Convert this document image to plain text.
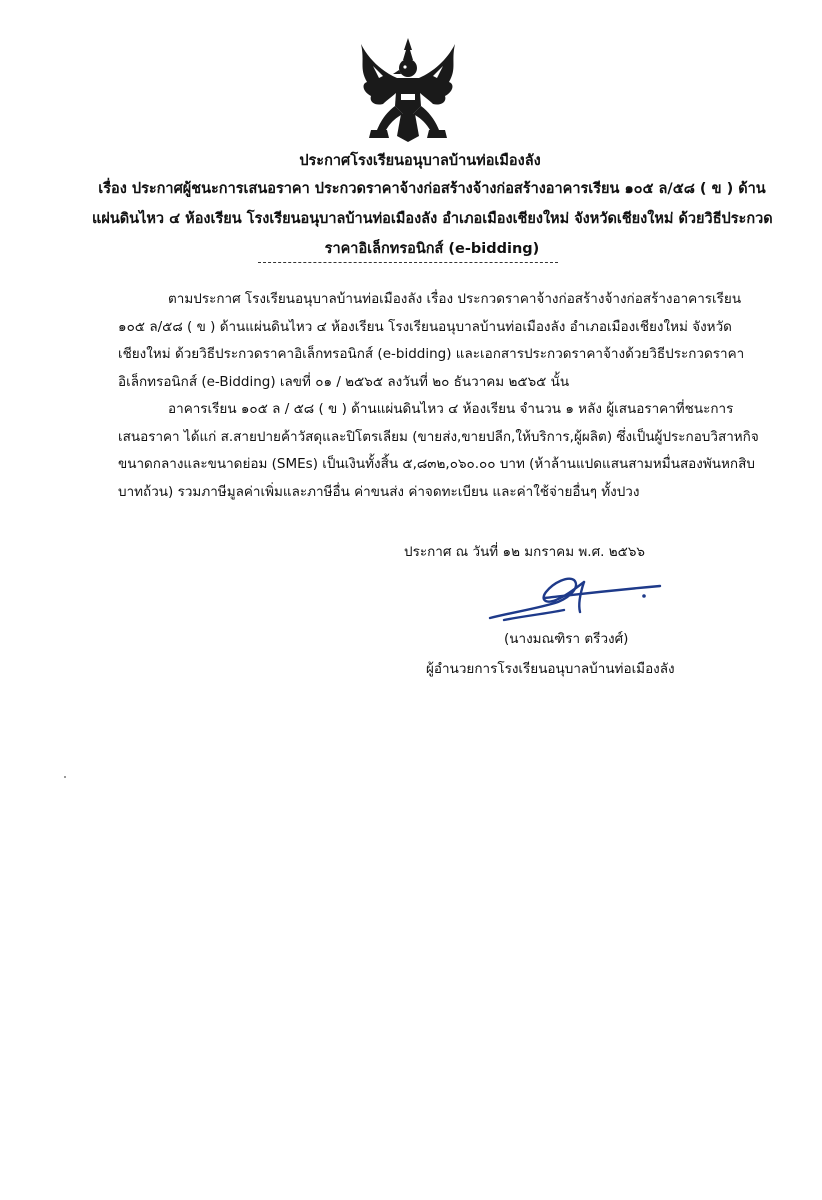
ประกาศโรงเรียนอนุบาลบ้านท่อเมืองลัง
เรื่อง ประกาศผู้ชนะการเสนอราคา ประกวดราคาจ้างก่อสร้างจ้างก่อสร้างอาคารเรียน ๑๐๕ ล/๕๘ ( ข ) ด้าน
แผ่นดินไหว ๔ ห้องเรียน โรงเรียนอนุบาลบ้านท่อเมืองลัง อำเภอเมืองเชียงใหม่ จังหวัดเชียงใหม่ ด้วยวิธีประกวด
ราคาอิเล็กทรอนิกส์ (e-bidding)
ตามประกาศ โรงเรียนอนุบาลบ้านท่อเมืองลัง เรื่อง ประกวดราคาจ้างก่อสร้างจ้างก่อสร้างอาคารเรียน
๑๐๕ ล/๕๘ ( ข ) ด้านแผ่นดินไหว ๔ ห้องเรียน โรงเรียนอนุบาลบ้านท่อเมืองลัง อำเภอเมืองเชียงใหม่ จังหวัด
เชียงใหม่ ด้วยวิธีประกวดราคาอิเล็กทรอนิกส์ (e-bidding) และเอกสารประกวดราคาจ้างด้วยวิธีประกวดราคา
อิเล็กทรอนิกส์ (e-Bidding) เลขที่ ๐๑ / ๒๕๖๕ ลงวันที่ ๒๐ ธันวาคม ๒๕๖๕ นั้น
อาคารเรียน ๑๐๕ ล / ๕๘ ( ข ) ด้านแผ่นดินไหว ๔ ห้องเรียน จำนวน ๑ หลัง ผู้เสนอราคาที่ชนะการ
เสนอราคา ได้แก่ ส.สายปายค้าวัสดุและปิโตรเลียม (ขายส่ง,ขายปลีก,ให้บริการ,ผู้ผลิต) ซึ่งเป็นผู้ประกอบวิสาหกิจ
ขนาดกลางและขนาดย่อม (SMEs) เป็นเงินทั้งสิ้น ๕,๘๓๒,๐๖๐.๐๐ บาท (ห้าล้านแปดแสนสามหมื่นสองพันหกสิบ
บาทถ้วน) รวมภาษีมูลค่าเพิ่มและภาษีอื่น ค่าขนส่ง ค่าจดทะเบียน และค่าใช้จ่ายอื่นๆ ทั้งปวง
ประกาศ ณ วันที่ ๑๒ มกราคม พ.ศ. ๒๕๖๖
(นางมณฑิรา ตรีวงศ์)
ผู้อำนวยการโรงเรียนอนุบาลบ้านท่อเมืองลัง
